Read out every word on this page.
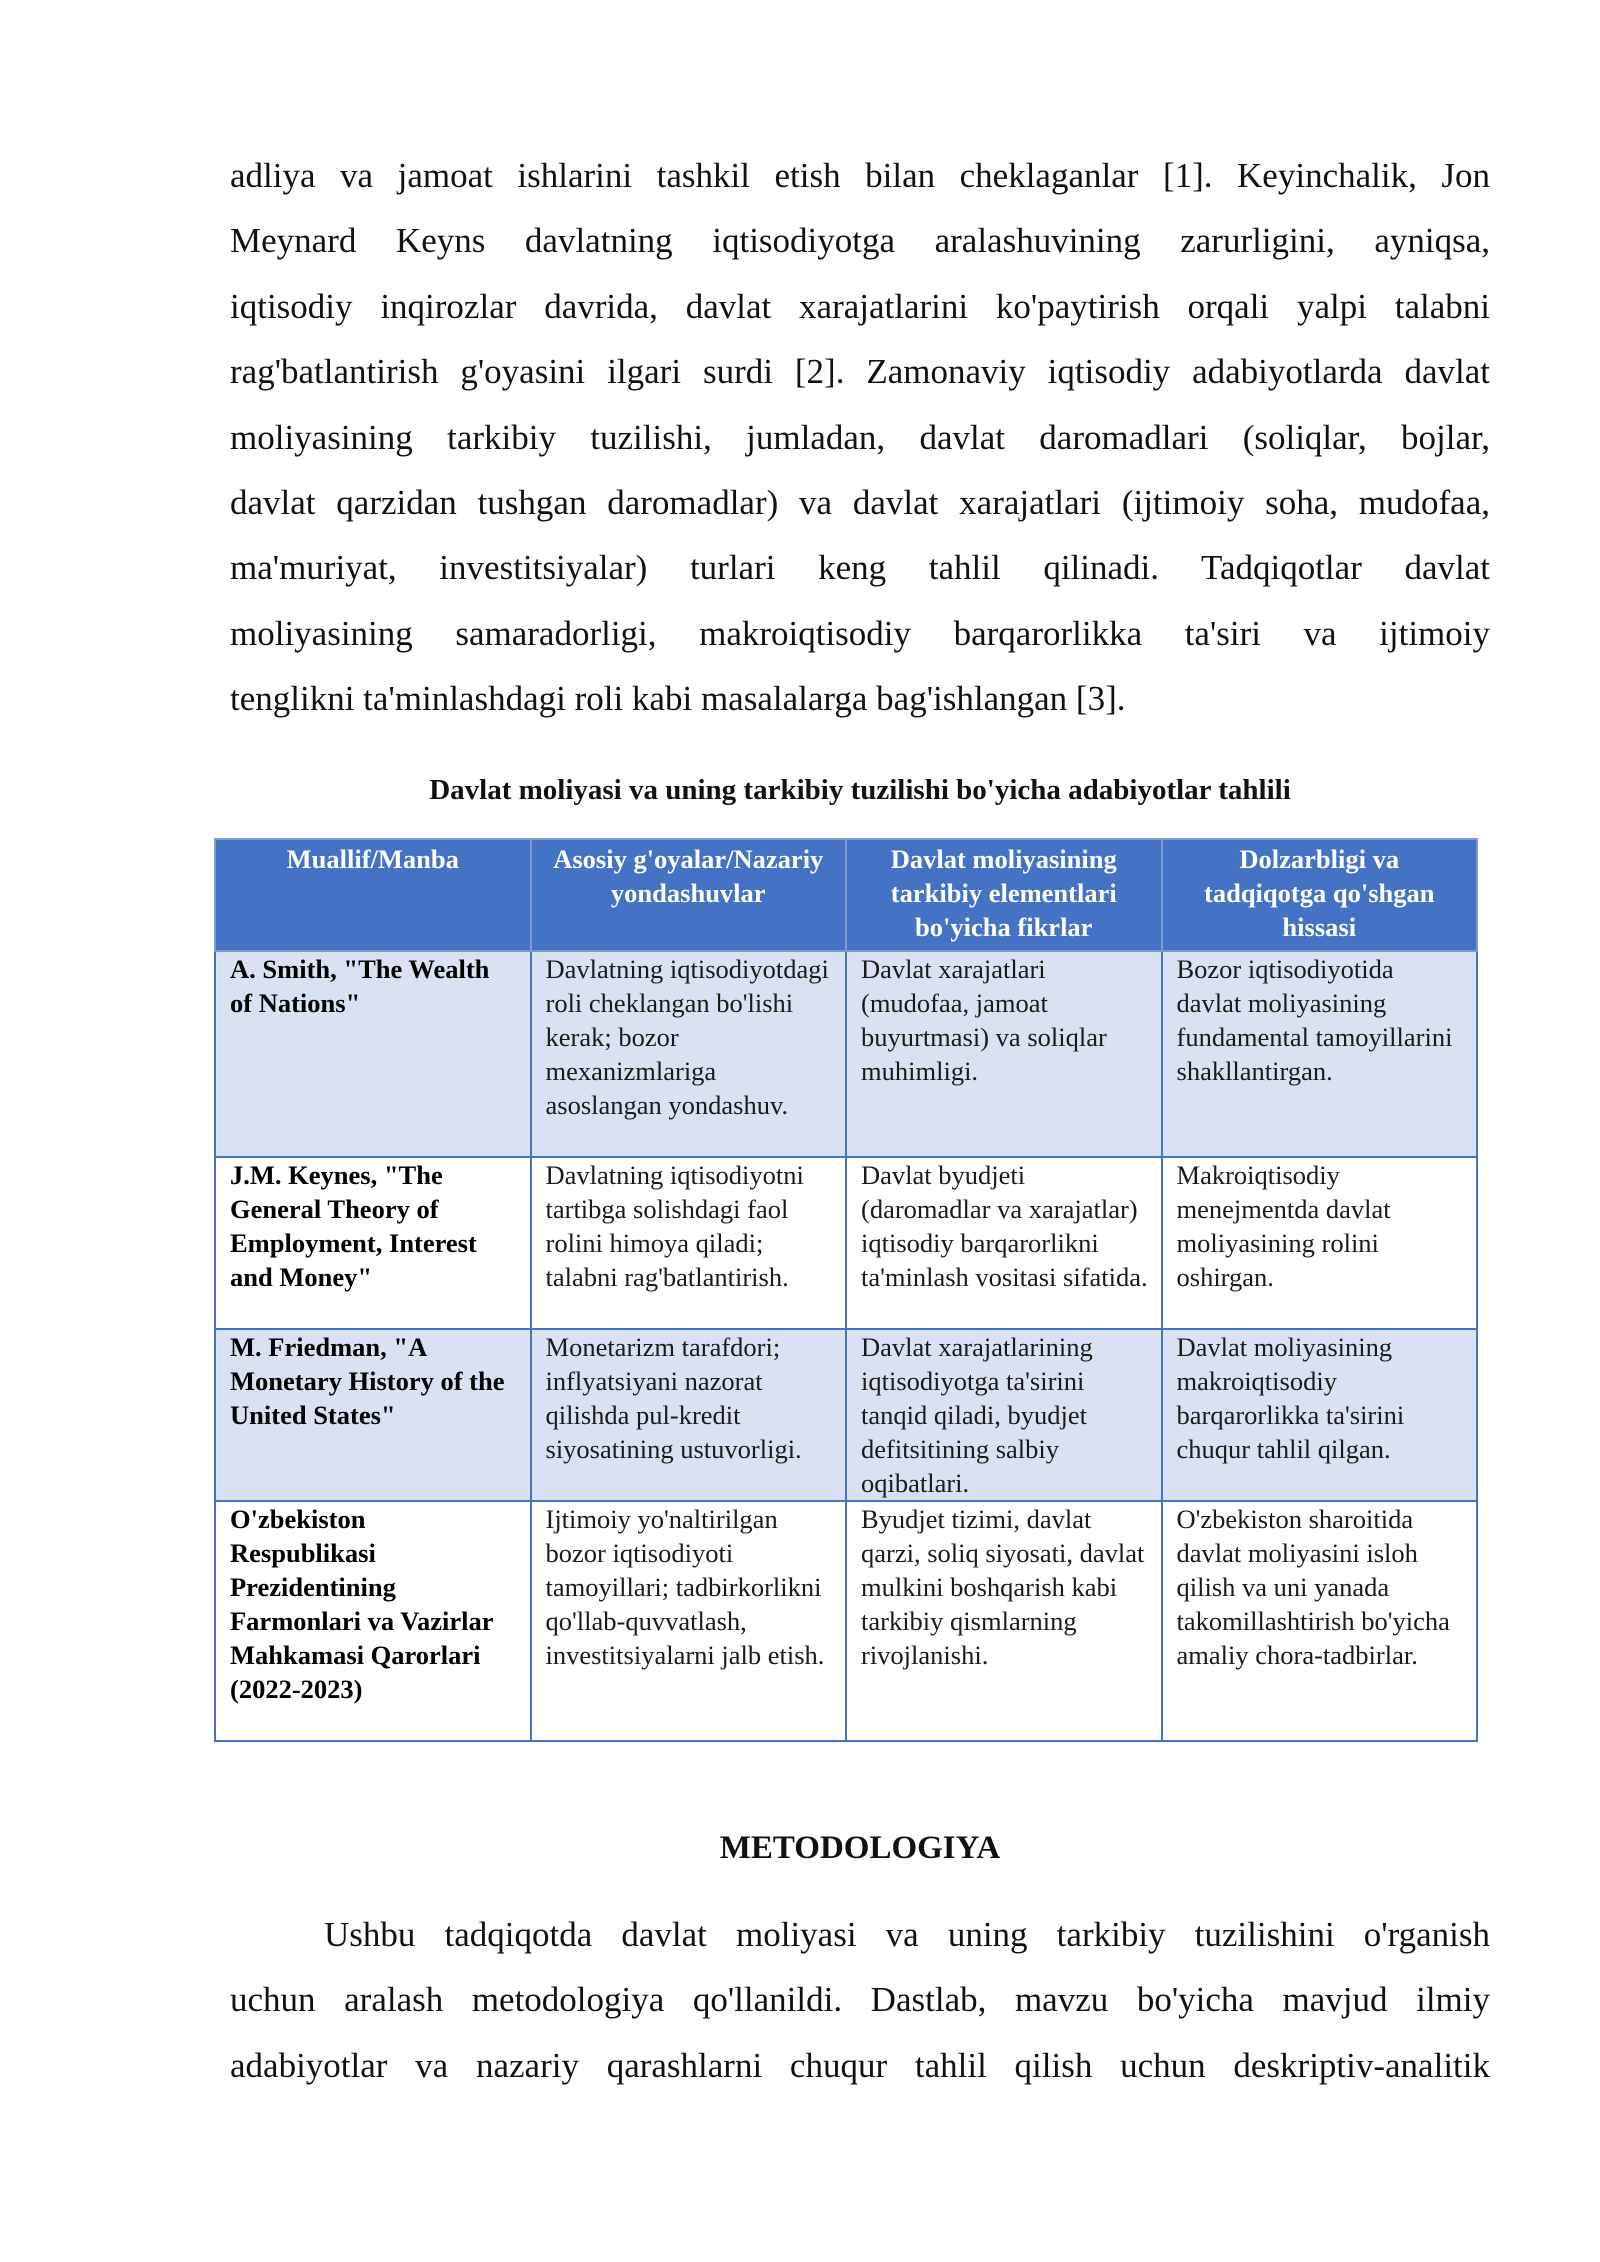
adliya va jamoat ishlarini tashkil etish bilan cheklaganlar [1]. Keyinchalik, Jon
Meynard Keyns davlatning iqtisodiyotga aralashuvining zarurligini, ayniqsa,
iqtisodiy inqirozlar davrida, davlat xarajatlarini ko'paytirish orqali yalpi talabni
rag'batlantirish g'oyasini ilgari surdi [2]. Zamonaviy iqtisodiy adabiyotlarda davlat
moliyasining tarkibiy tuzilishi, jumladan, davlat daromadlari (soliqlar, bojlar,
davlat qarzidan tushgan daromadlar) va davlat xarajatlari (ijtimoiy soha, mudofaa,
ma'muriyat, investitsiyalar) turlari keng tahlil qilinadi. Tadqiqotlar davlat
moliyasining samaradorligi, makroiqtisodiy barqarorlikka ta'siri va ijtimoiy
tenglikni ta'minlashdagi roli kabi masalalarga bag'ishlangan [3].

Davlat moliyasi va uning tarkibiy tuzilishi bo'yicha adabiyotlar tahlili

Muallif/Manba	Asosiy g'oyalar/Nazariy yondashuvlar	Davlat moliyasining tarkibiy elementlari bo'yicha fikrlar	Dolzarbligi va tadqiqotga qo'shgan hissasi
A. Smith, "The Wealth of Nations"	Davlatning iqtisodiyotdagi roli cheklangan bo'lishi kerak; bozor mexanizmlariga asoslangan yondashuv.	Davlat xarajatlari (mudofaa, jamoat buyurtmasi) va soliqlar muhimligi.	Bozor iqtisodiyotida davlat moliyasining fundamental tamoyillarini shakllantirgan.
J.M. Keynes, "The General Theory of Employment, Interest and Money"	Davlatning iqtisodiyotni tartibga solishdagi faol rolini himoya qiladi; talabni rag'batlantirish.	Davlat byudjeti (daromadlar va xarajatlar) iqtisodiy barqarorlikni ta'minlash vositasi sifatida.	Makroiqtisodiy menejmentda davlat moliyasining rolini oshirgan.
M. Friedman, "A Monetary History of the United States"	Monetarizm tarafdori; inflyatsiyani nazorat qilishda pul-kredit siyosatining ustuvorligi.	Davlat xarajatlarining iqtisodiyotga ta'sirini tanqid qiladi, byudjet defitsitining salbiy oqibatlari.	Davlat moliyasining makroiqtisodiy barqarorlikka ta'sirini chuqur tahlil qilgan.
O'zbekiston Respublikasi Prezidentining Farmonlari va Vazirlar Mahkamasi Qarorlari (2022-2023)	Ijtimoiy yo'naltirilgan bozor iqtisodiyoti tamoyillari; tadbirkorlikni qo'llab-quvvatlash, investitsiyalarni jalb etish.	Byudjet tizimi, davlat qarzi, soliq siyosati, davlat mulkini boshqarish kabi tarkibiy qismlarning rivojlanishi.	O'zbekiston sharoitida davlat moliyasini isloh qilish va uni yanada takomillashtirish bo'yicha amaliy chora-tadbirlar.
METODOLOGIYA

Ushbu tadqiqotda davlat moliyasi va uning tarkibiy tuzilishini o'rganish
uchun aralash metodologiya qo'llanildi. Dastlab, mavzu bo'yicha mavjud ilmiy
adabiyotlar va nazariy qarashlarni chuqur tahlil qilish uchun deskriptiv-analitik
